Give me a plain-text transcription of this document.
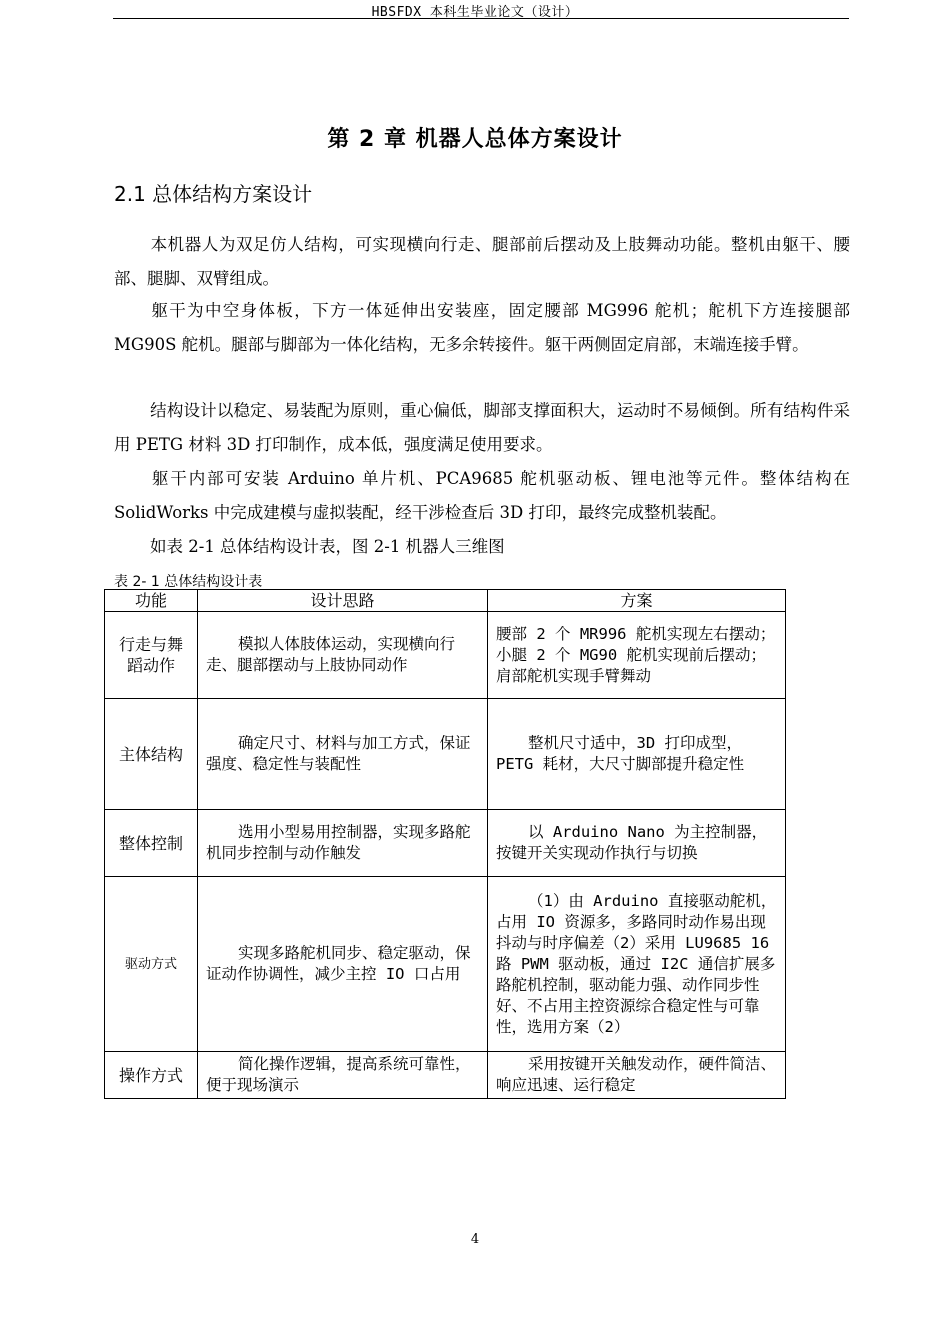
HBSFDX 本科生毕业论文（设计）
第 2 章 机器人总体方案设计
2.1 总体结构方案设计

本机器人为双足仿人结构，可实现横向行走、腿部前后摆动及上肢舞动功能。整机由躯干、腰部、腿脚、双臂组成。

躯干为中空身体板，下方一体延伸出安装座，固定腰部 MG996 舵机；舵机下方连接腿部 MG90S 舵机。腿部与脚部为一体化结构，无多余转接件。躯干两侧固定肩部，末端连接手臂。

结构设计以稳定、易装配为原则，重心偏低，脚部支撑面积大，运动时不易倾倒。所有结构件采用 PETG 材料 3D 打印制作，成本低，强度满足使用要求。

躯干内部可安装 Arduino 单片机、PCA9685 舵机驱动板、锂电池等元件。整体结构在 SolidWorks 中完成建模与虚拟装配，经干涉检查后 3D 打印，最终完成整机装配。

如表 2-1 总体结构设计表，图 2-1 机器人三维图

表 2- 1 总体结构设计表
功能	设计思路	方案
行走与舞蹈动作	模拟人体肢体运动，实现横向行走、腿部摆动与上肢协同动作	腰部 2 个 MR996 舵机实现左右摆动；小腿 2 个 MG90 舵机实现前后摆动；肩部舵机实现手臂舞动
主体结构	确定尺寸、材料与加工方式，保证强度、稳定性与装配性	整机尺寸适中，3D 打印成型，PETG 耗材，大尺寸脚部提升稳定性
整体控制	选用小型易用控制器，实现多路舵机同步控制与动作触发	以 Arduino Nano 为主控制器，按键开关实现动作执行与切换
驱动方式	实现多路舵机同步、稳定驱动，保证动作协调性，减少主控 IO 口占用	（1）由 Arduino 直接驱动舵机，占用 IO 资源多，多路同时动作易出现抖动与时序偏差（2）采用 LU9685 16 路 PWM 驱动板，通过 I2C 通信扩展多路舵机控制，驱动能力强、动作同步性好、不占用主控资源综合稳定性与可靠性，选用方案（2）
操作方式	简化操作逻辑，提高系统可靠性，便于现场演示	采用按键开关触发动作，硬件简洁、响应迅速、运行稳定
4
